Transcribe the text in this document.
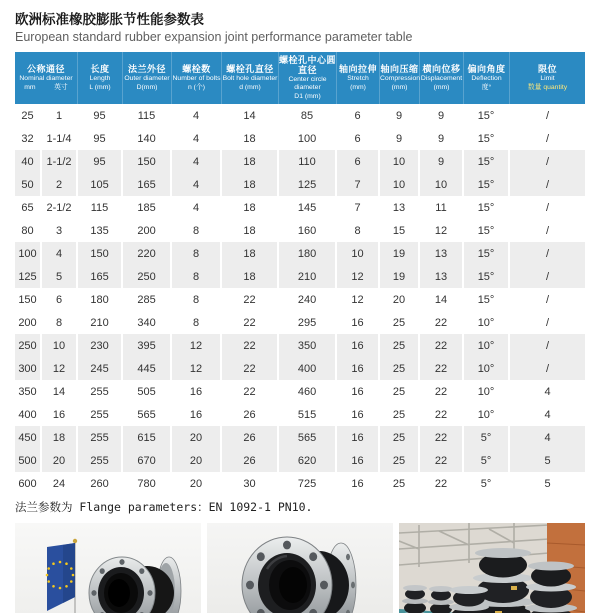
欧洲标准橡胶膨胀节性能参数表
European standard rubber expansion joint performance parameter table
公称通径
Nominal diameter
mm	英寸

长度
Length
L (mm)

法兰外径
Outer diameter
D(mm)

螺栓数
Number of bolts
n (个)

螺栓孔直径
Bolt hole diameter
d (mm)

螺栓孔中心圆直径
Center circle diameter
D1 (mm)

轴向拉伸
Stretch
(mm)

轴向压缩
Compression
(mm)

横向位移
Displacement
(mm)

偏向角度
Deflection
度°

限位
Limit
数量 quantity

25	1	95	115	4	14	85	6	9	9	15°	/
32	1-1/4	95	140	4	18	100	6	9	9	15°	/
40	1-1/2	95	150	4	18	110	6	10	9	15°	/
50	2	105	165	4	18	125	7	10	10	15°	/
65	2-1/2	115	185	4	18	145	7	13	11	15°	/
80	3	135	200	8	18	160	8	15	12	15°	/
100	4	150	220	8	18	180	10	19	13	15°	/
125	5	165	250	8	18	210	12	19	13	15°	/
150	6	180	285	8	22	240	12	20	14	15°	/
200	8	210	340	8	22	295	16	25	22	10°	/
250	10	230	395	12	22	350	16	25	22	10°	/
300	12	245	445	12	22	400	16	25	22	10°	/
350	14	255	505	16	22	460	16	25	22	10°	4
400	16	255	565	16	26	515	16	25	22	10°	4
450	18	255	615	20	26	565	16	25	22	5°	4
500	20	255	670	20	26	620	16	25	22	5°	5
600	24	260	780	20	30	725	16	25	22	5°	5
法兰参数为 Flange parameters：EN 1092-1 PN10.
